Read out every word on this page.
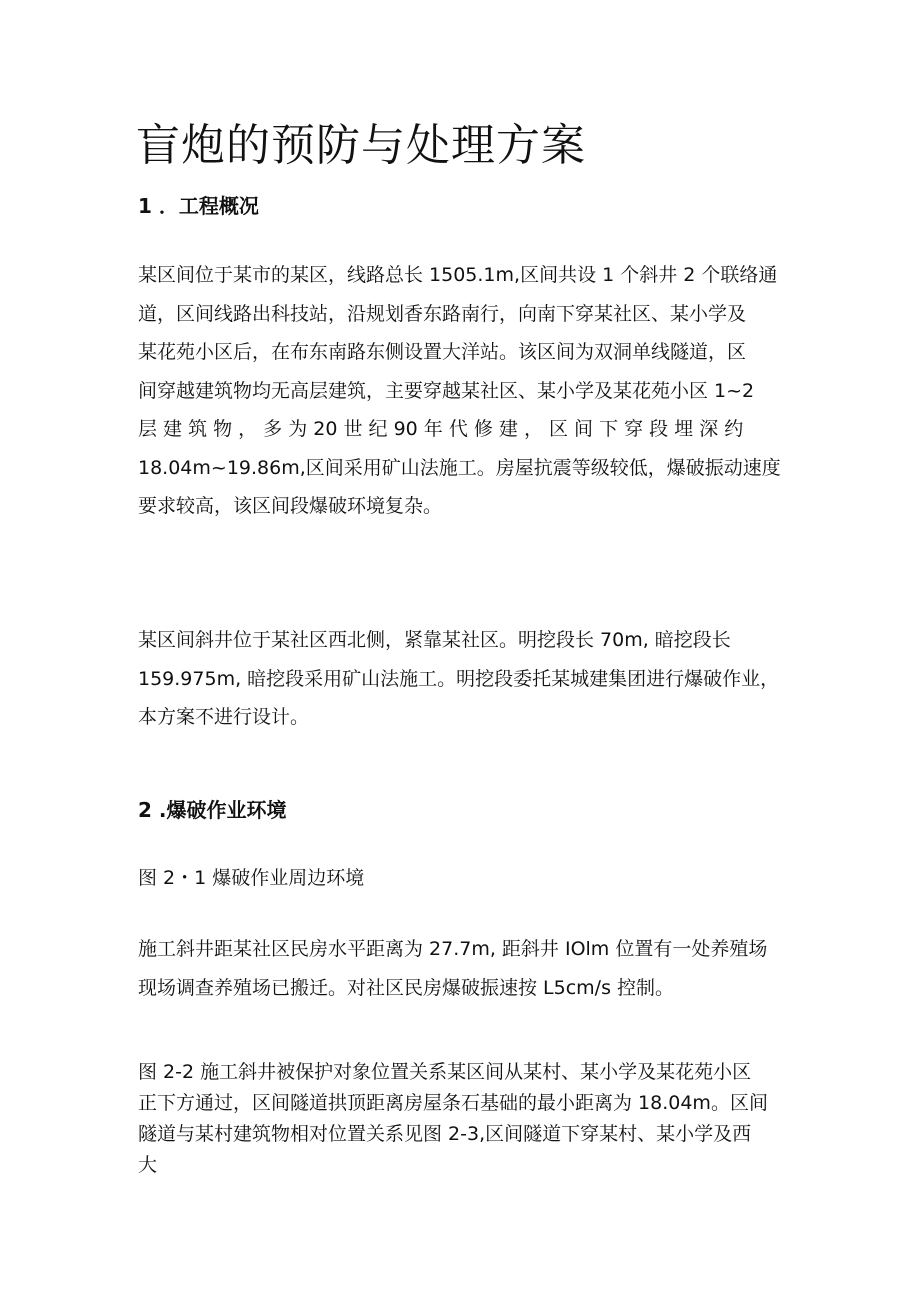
盲炮的预防与处理方案
1 ．工程概况

某区间位于某市的某区，线路总长 1505.1m,区间共设 1 个斜井 2 个联络通
道，区间线路出科技站，沿规划香东路南行，向南下穿某社区、某小学及
某花苑小区后，在布东南路东侧设置大洋站。该区间为双洞单线隧道，区
间穿越建筑物均无高层建筑，主要穿越某社区、某小学及某花苑小区 1~2
层 建 筑 物 ， 多 为 20 世 纪 90 年 代 修 建 ， 区 间 下 穿 段 埋 深 约
18.04m~19.86m,区间采用矿山法施工。房屋抗震等级较低，爆破振动速度
要求较高，该区间段爆破环境复杂。

某区间斜井位于某社区西北侧，紧靠某社区。明挖段长 70m, 暗挖段长
159.975m, 暗挖段采用矿山法施工。明挖段委托某城建集团进行爆破作业，
本方案不进行设计。

2 .爆破作业环境

图 2・1 爆破作业周边环境

施工斜井距某社区民房水平距离为 27.7m, 距斜井 IOlm 位置有一处养殖场
现场调查养殖场已搬迁。对社区民房爆破振速按 L5cm∕s 控制。

图 2-2 施工斜井被保护对象位置关系某区间从某村、某小学及某花苑小区
正下方通过，区间隧道拱顶距离房屋条石基础的最小距离为 18.04m。区间
隧道与某村建筑物相对位置关系见图 2-3,区间隧道下穿某村、某小学及西
大
